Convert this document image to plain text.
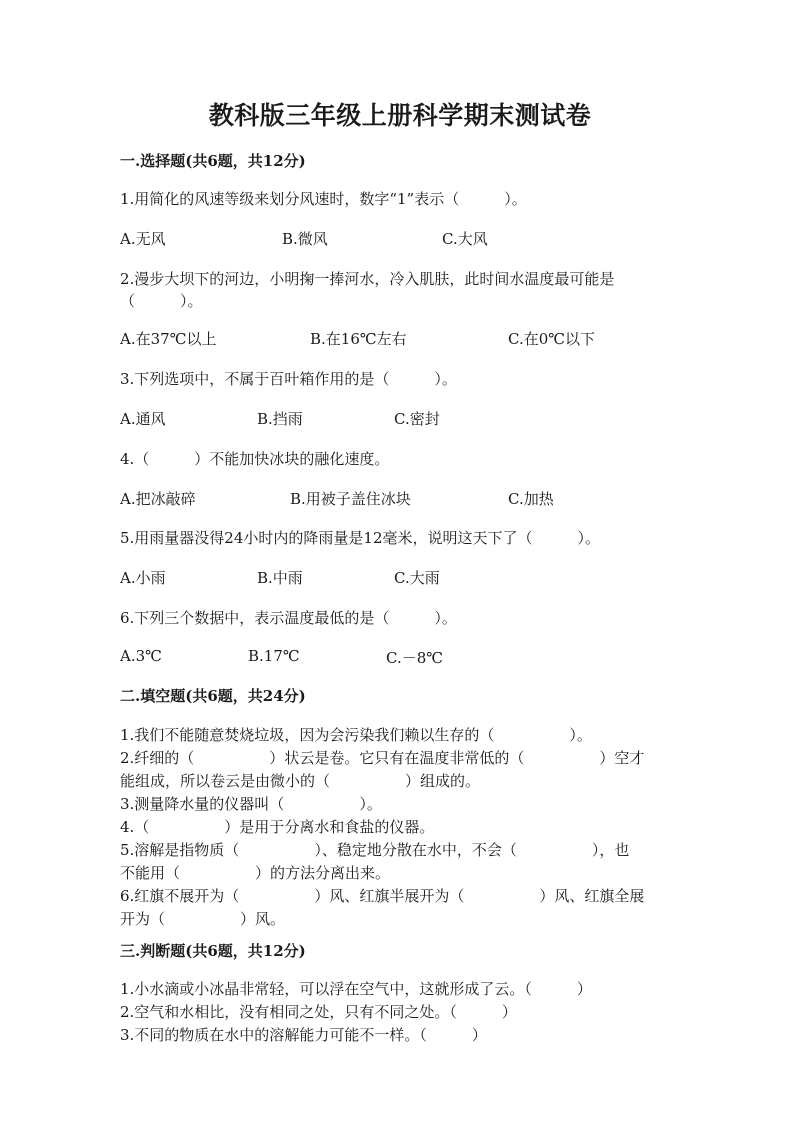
教科版三年级上册科学期末测试卷
一.选择题(共6题，共12分)
1.用简化的风速等级来划分风速时，数字“1”表示（　　　）。
A.无风	B.微风	C.大风
2.漫步大坝下的河边，小明掬一捧河水，冷入肌肤，此时间水温度最可能是
（　　　）。
A.在37℃以上	B.在16℃左右	C.在0℃以下
3.下列选项中，不属于百叶箱作用的是（　　　）。
A.通风	B.挡雨	C.密封
4.（　　　）不能加快冰块的融化速度。
A.把冰敲碎	B.用被子盖住冰块	C.加热
5.用雨量器没得24小时内的降雨量是12毫米，说明这天下了（　　　）。
A.小雨	B.中雨	C.大雨
6.下列三个数据中，表示温度最低的是（　　　）。
A.3℃	B.17℃	C.－8℃
二.填空题(共6题，共24分)
1.我们不能随意焚烧垃圾，因为会污染我们赖以生存的（　　　　　）。
2.纤细的（　　　　　）状云是卷。它只有在温度非常低的（　　　　　）空才
能组成，所以卷云是由微小的（　　　　　）组成的。
3.测量降水量的仪器叫（　　　　　）。
4.（　　　　　）是用于分离水和食盐的仪器。
5.溶解是指物质（　　　　　）、稳定地分散在水中，不会（　　　　　），也
不能用（　　　　　）的方法分离出来。
6.红旗不展开为（　　　　　）风、红旗半展开为（　　　　　）风、红旗全展
开为（　　　　　）风。
三.判断题(共6题，共12分)
1.小水滴或小冰晶非常轻，可以浮在空气中，这就形成了云。（　　　）
2.空气和水相比，没有相同之处，只有不同之处。（　　　）
3.不同的物质在水中的溶解能力可能不一样。（　　　）
